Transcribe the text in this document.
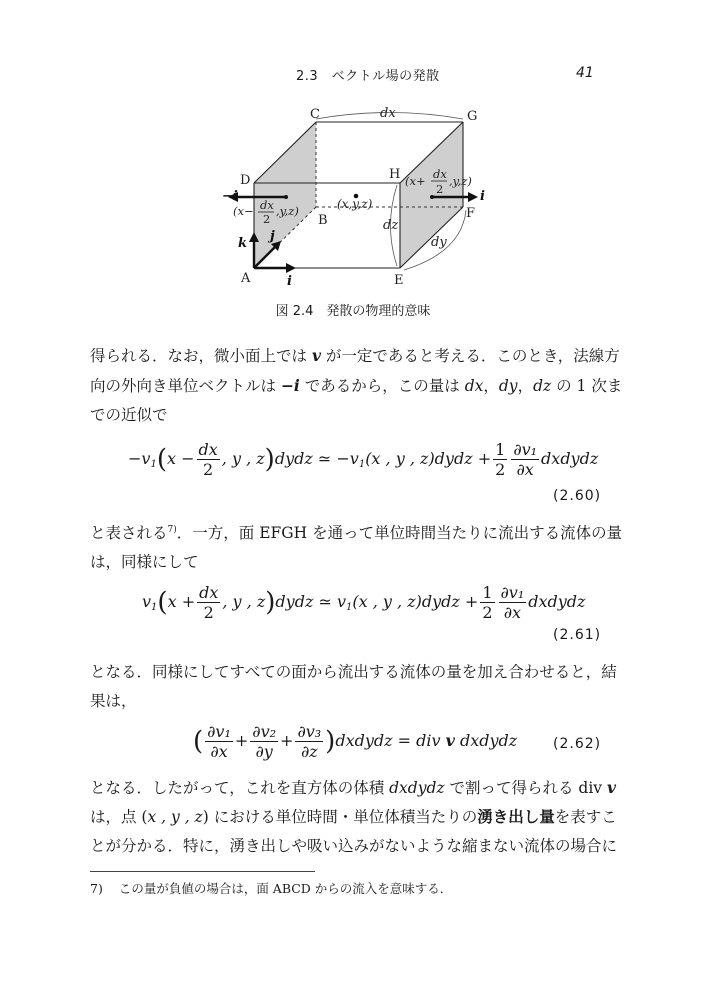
2.3　ベクトル場の発散	41
C	G
D	H
B	F
A	E
dx
dz
dy
(x,y,z)
(x− dx
2
,y,z)
(x+ dx
2
,y,z)
−i	i
k j
i
図 2.4　発散の物理的意味
得られる．なお，微小面上では v が一定であると考える．このとき，法線方
向の外向き単位ベクトルは −i であるから，この量は dx，dy，dz の 1 次ま
での近似で
$-v_1(x - \frac{dx}{2}$ , y , z)dydz ≃ $-v_1(x$ , y , z)dydz + $\frac{1}{2} \frac{\text{∂v₁}}{\partial x}$ dxdydz
(2.60)
と表される$^{7)}$．一方，面 EFGH を通って単位時間当たりに流出する流体の量
は，同様にして
$v_1(x + \frac{dx}{2}$ , y , z)dydz ≃ $v_1(x$ , y , z)dydz + $\frac{1}{2} \frac{\text{∂v₁}}{\partial x}$ dxdydz
(2.61)
となる．同様にしてすべての面から流出する流体の量を加え合わせると，結
果は，
( $\frac{\text{∂v₁}}{\partial x} + \frac{\text{∂v₂}}{\partial y} + \frac{\text{∂v₃}}{\partial z}$ )dxdydz = div v dxdydz	(2.62)
となる．したがって，これを直方体の体積 dxdydz で割って得られる div v
は，点 (x , y , z) における単位時間・単位体積当たりの湧き出し量を表すこ
とが分かる．特に，湧き出しや吸い込みがないような縮まない流体の場合に
7) この量が負値の場合は，面 ABCD からの流入を意味する．
